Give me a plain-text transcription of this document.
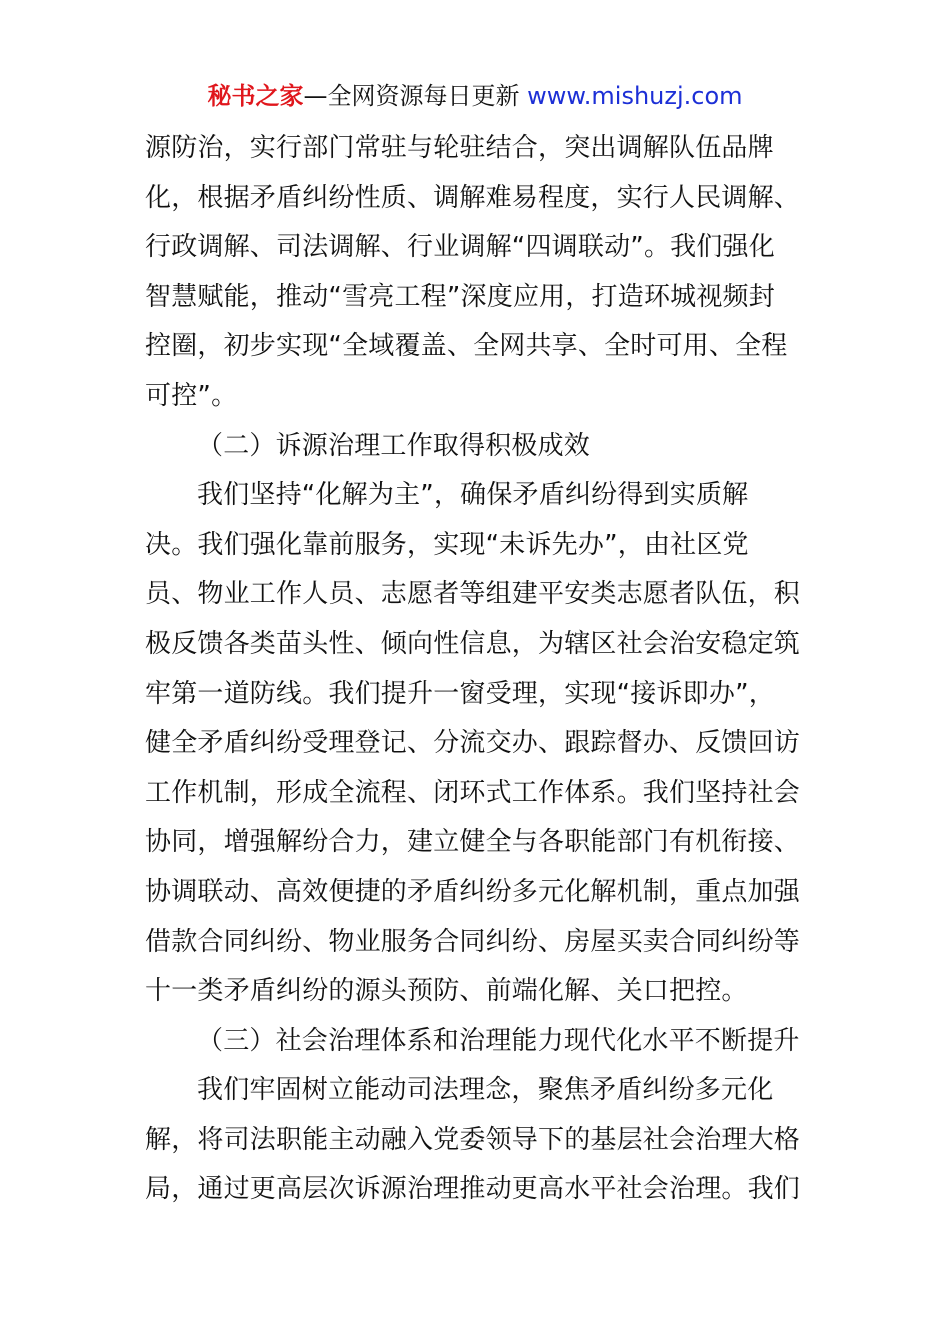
秘书之家—全网资源每日更新 www.mishuzj.com
源防治，实行部门常驻与轮驻结合，突出调解队伍品牌
化，根据矛盾纠纷性质、调解难易程度，实行人民调解、
行政调解、司法调解、行业调解“四调联动”。我们强化
智慧赋能，推动“雪亮工程”深度应用，打造环城视频封
控圈，初步实现“全域覆盖、全网共享、全时可用、全程
可控”。
（二）诉源治理工作取得积极成效
我们坚持“化解为主”，确保矛盾纠纷得到实质解
决。我们强化靠前服务，实现“未诉先办”，由社区党
员、物业工作人员、志愿者等组建平安类志愿者队伍，积
极反馈各类苗头性、倾向性信息，为辖区社会治安稳定筑
牢第一道防线。我们提升一窗受理，实现“接诉即办”，
健全矛盾纠纷受理登记、分流交办、跟踪督办、反馈回访
工作机制，形成全流程、闭环式工作体系。我们坚持社会
协同，增强解纷合力，建立健全与各职能部门有机衔接、
协调联动、高效便捷的矛盾纠纷多元化解机制，重点加强
借款合同纠纷、物业服务合同纠纷、房屋买卖合同纠纷等
十一类矛盾纠纷的源头预防、前端化解、关口把控。
（三）社会治理体系和治理能力现代化水平不断提升
我们牢固树立能动司法理念，聚焦矛盾纠纷多元化
解，将司法职能主动融入党委领导下的基层社会治理大格
局，通过更高层次诉源治理推动更高水平社会治理。我们
